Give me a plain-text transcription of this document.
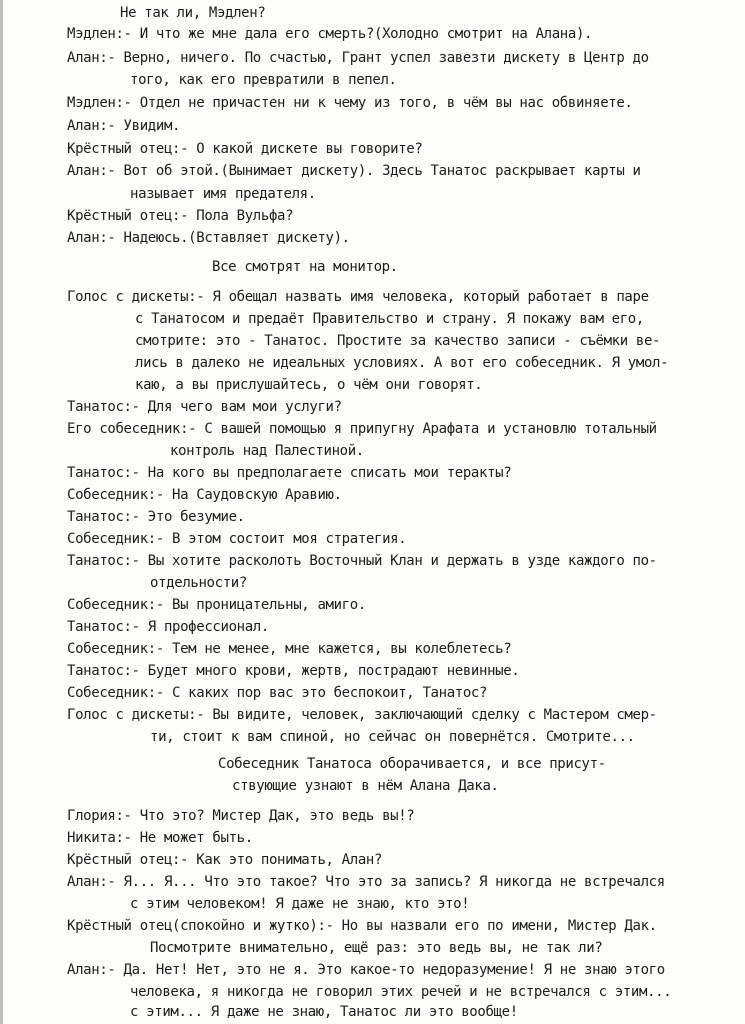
Не так ли, Мэдлен?
Мэдлен:- И что же мне дала его смерть?(Холодно смотрит на Алана).
Алан:- Верно, ничего. По счастью, Грант успел завезти дискету в Центр до
того, как его превратили в пепел.
Мэдлен:- Отдел не причастен ни к чему из того, в чём вы нас обвиняете.
Алан:- Увидим.
Крёстный отец:- О какой дискете вы говорите?
Алан:- Вот об этой.(Вынимает дискету). Здесь Танатос раскрывает карты и
называет имя предателя.
Крёстный отец:- Пола Вульфа?
Алан:- Надеюсь.(Вставляет дискету).
Все смотрят на монитор.
Голос с дискеты:- Я обещал назвать имя человека, который работает в паре
с Танатосом и предаёт Правительство и страну. Я покажу вам его,
смотрите: это - Танатос. Простите за качество записи - съёмки ве-
лись в далеко не идеальных условиях. А вот его собеседник. Я умол-
каю, а вы прислушайтесь, о чём они говорят.
Танатос:- Для чего вам мои услуги?
Его собеседник:- С вашей помощью я припугну Арафата и установлю тотальный
контроль над Палестиной.
Танатос:- На кого вы предполагаете списать мои теракты?
Собеседник:- На Саудовскую Аравию.
Танатос:- Это безумие.
Собеседник:- В этом состоит моя стратегия.
Танатос:- Вы хотите расколоть Восточный Клан и держать в узде каждого по-
отдельности?
Собеседник:- Вы проницательны, амиго.
Танатос:- Я профессионал.
Собеседник:- Тем не менее, мне кажется, вы колеблетесь?
Танатос:- Будет много крови, жертв, пострадают невинные.
Собеседник:- С каких пор вас это беспокоит, Танатос?
Голос с дискеты:- Вы видите, человек, заключающий сделку с Мастером смер-
ти, стоит к вам спиной, но сейчас он повернётся. Смотрите...
Собеседник Танатоса оборачивается, и все присут-
ствующие узнают в нём Алана Дака.
Глория:- Что это? Мистер Дак, это ведь вы!?
Никита:- Не может быть.
Крёстный отец:- Как это понимать, Алан?
Алан:- Я... Я... Что это такое? Что это за запись? Я никогда не встречался
с этим человеком! Я даже не знаю, кто это!
Крёстный отец(спокойно и жутко):- Но вы назвали его по имени, Мистер Дак.
Посмотрите внимательно, ещё раз: это ведь вы, не так ли?
Алан:- Да. Нет! Нет, это не я. Это какое-то недоразумение! Я не знаю этого
человека, я никогда не говорил этих речей и не встречался с этим...
с этим... Я даже не знаю, Танатос ли это вообще!
